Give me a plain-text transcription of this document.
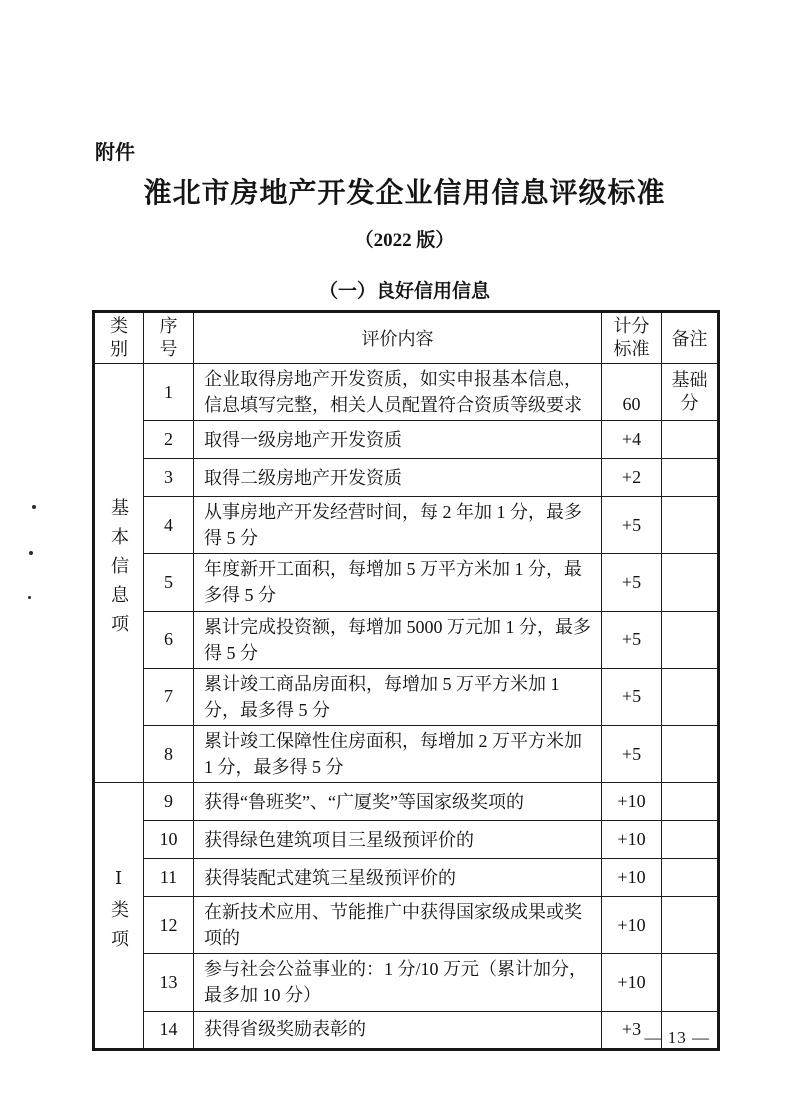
附件
淮北市房地产开发企业信用信息评级标准
（2022 版）
（一）良好信用信息
类别	序号	评价内容	计分标准	备注
基本信息项	1	企业取得房地产开发资质，如实申报基本信息，信息填写完整，相关人员配置符合资质等级要求	60	基础分

	2	取得一级房地产开发资质	+4	
	3	取得二级房地产开发资质	+2	
	4	从事房地产开发经营时间，每 2 年加 1 分，最多得 5 分	+5	
	5	年度新开工面积，每增加 5 万平方米加 1 分，最多得 5 分	+5	
	6	累计完成投资额，每增加 5000 万元加 1 分，最多得 5 分	+5	
	7	累计竣工商品房面积，每增加 5 万平方米加 1 分，最多得 5 分	+5	
	8	累计竣工保障性住房面积，每增加 2 万平方米加 1 分，最多得 5 分	+5	
Ⅰ类项	9	获得“鲁班奖”、“广厦奖”等国家级奖项的	+10	
	10	获得绿色建筑项目三星级预评价的	+10	
	11	获得装配式建筑三星级预评价的	+10	
	12	在新技术应用、节能推广中获得国家级成果或奖项的	+10	
	13	参与社会公益事业的：1 分/10 万元（累计加分，最多加 10 分）	+10	
	14	获得省级奖励表彰的	+3	— 13 —
